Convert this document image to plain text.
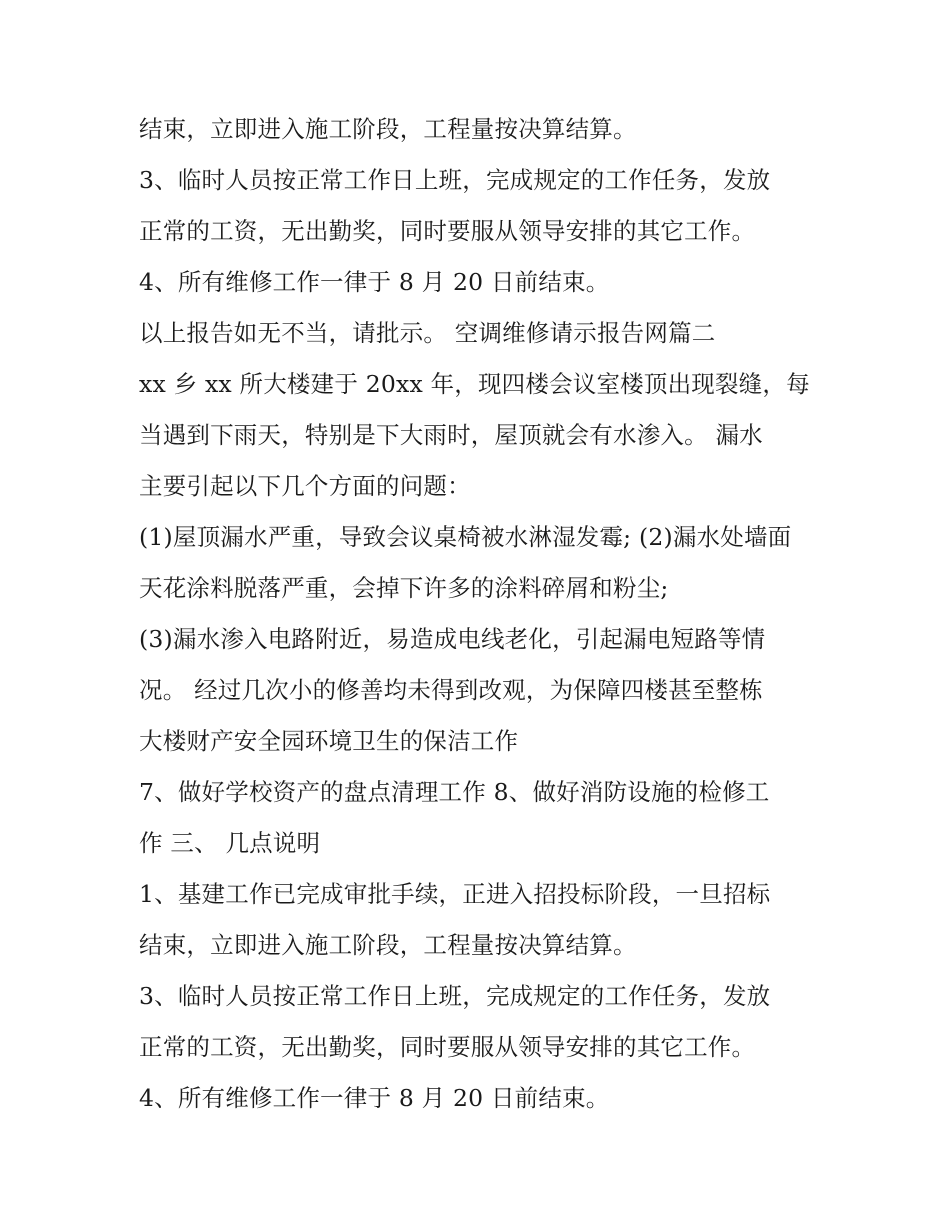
结束，立即进入施工阶段，工程量按决算结算。

3、临时人员按正常工作日上班，完成规定的工作任务，发放

正常的工资，无出勤奖，同时要服从领导安排的其它工作。

4、所有维修工作一律于 8 月 20 日前结束。

以上报告如无不当，请批示。 空调维修请示报告网篇二

xx 乡 xx 所大楼建于 20xx 年，现四楼会议室楼顶出现裂缝，每

当遇到下雨天，特别是下大雨时，屋顶就会有水渗入。 漏水

主要引起以下几个方面的问题：

(1)屋顶漏水严重，导致会议桌椅被水淋湿发霉; (2)漏水处墙面

天花涂料脱落严重，会掉下许多的涂料碎屑和粉尘;

(3)漏水渗入电路附近，易造成电线老化，引起漏电短路等情

况。 经过几次小的修善均未得到改观，为保障四楼甚至整栋

大楼财产安全园环境卫生的保洁工作

7、做好学校资产的盘点清理工作 8、做好消防设施的检修工

作 三、 几点说明

1、基建工作已完成审批手续，正进入招投标阶段，一旦招标

结束，立即进入施工阶段，工程量按决算结算。

3、临时人员按正常工作日上班，完成规定的工作任务，发放

正常的工资，无出勤奖，同时要服从领导安排的其它工作。

4、所有维修工作一律于 8 月 20 日前结束。
